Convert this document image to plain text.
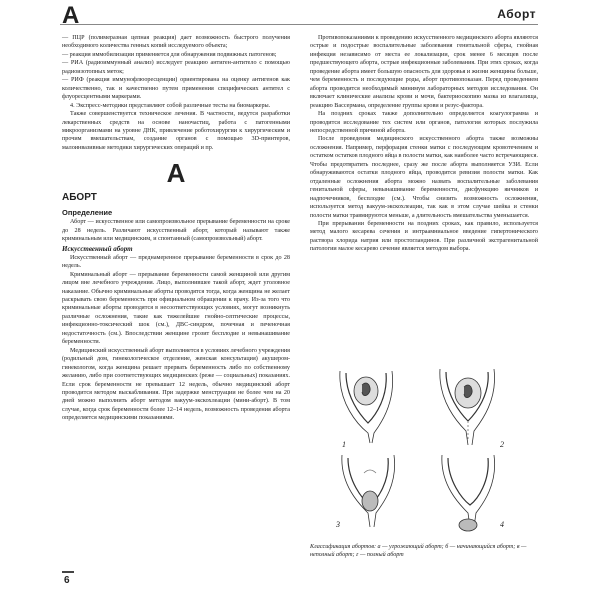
А	Аборт

— ПЦР (полимеразная цепная реакция) дает возможность быстрого получения необходимого количества генных копий исследуемого объекта;

— реакция иммобилизации применяется для обнаружения подвижных патогенов;

— РИА (радиоиммунный анализ) исследует реакцию антиген-антитело с помощью радиоизотопных меток;

— РИФ (реакция иммунофлюоресценции) ориентирована на оценку антигенов как количественно, так и качественно путем применения специфических антител с флуоресцентными маркерами.

4. Экспресс-методики представляют собой различные тесты на биомаркеры.

Также совершенствуется техническое лечения. В частности, ведутся разработки лекарственных средств на основе наночастиц, работа с патогенными микроорганизмами на уровне ДНК, привлечение роботохирургии к хирургическим и прочим вмешательствам, создание органов с помощью 3D-принтеров, малоинвазивные методики хирургических операций и пр.

А
АБОРТ
Определение

Аборт — искусственное или самопроизвольное прерывание беременности на сроке до 28 недель. Различают искусственный аборт, который называют также криминальным или медицинским, и спонтанный (самопроизвольный) аборт.

Искусственный аборт

Искусственный аборт — преднамеренное прерывание беременности в срок до 28 недель.

Криминальный аборт — прерывание беременности самой женщиной или другим лицом вне лечебного учреждения. Лицо, выполнившее такой аборт, ждет уголовное наказание. Обычно криминальные аборты проводятся тогда, когда женщина не желает раскрывать свою беременность при официальном обращении к врачу. Из-за того что криминальные аборты проводятся в несоответствующих условиях, могут возникнуть различные осложнения, такие как тяжелейшие гнойно-септические процессы, инфекционно-токсический шок (см.), ДВС-синдром, почечная и печеночная недостаточность (см.). Впоследствии женщине грозит бесплодие и невынашивание беременности.

Медицинский искусственный аборт выполняется в условиях лечебного учреждения (родильный дом, гинекологическое отделение, женская консультация) акушером-гинекологом, когда женщина решает прервать беременность либо по собственному желанию, либо при соответствующих медицинских (реже — социальных) показаниях. Если срок беременности не превышает 12 недель, обычно медицинский аборт проводится методом выскабливания. При задержке менструации не более чем на 20 дней можно выполнить аборт методом вакуум-экскохлеации (мини-аборт). В том случае, когда срок беременности более 12–14 недель, возможность проведения аборта определяется медицинскими показаниями.

Противопоказаниями к проведению искусственного медицинского аборта являются острые и подострые воспалительные заболевания генитальной сферы, гнойная инфекция независимо от места ее локализации, срок менее 6 месяцев после предшествующего аборта, острые инфекционные заболевания. При этих сроках, когда проведение аборта имеет большую опасность для здоровья и жизни женщины больше, чем беременность и последующие роды, аборт противопоказан. Перед проведением аборта проводится необходимый минимум лабораторных методов исследования. Он включает клинические анализы крови и мочи, бактериоскопию мазка из влагалища, реакцию Вассермана, определение группы крови и резус-фактора.

На поздних сроках также дополнительно определяется коагулограмма и проводится исследование тех систем или органов, патология которых послужила непосредственной причиной аборта.

После проведения медицинского искусственного аборта также возможны осложнения. Например, перфорация стенки матки с последующим кровотечением и остатком остатков плодного яйца в полости матки, как наиболее часто встречающиеся. Чтобы предотвратить последнее, сразу же после аборта выполняется УЗИ. Если обнаруживаются остатки плодного яйца, проводится ревизия полости матки. Как отдаленные осложнения аборта можно назвать воспалительные заболевания генитальной сферы, невынашивание беременности, дисфункцию яичников и надпочечников, бесплодие (см.). Чтобы снизить возможность осложнения, используется метод вакуум-экскохлеации, так как в этом случае шейка и стенки полости матки травмируются меньше, а длительность вмешательства уменьшается.

При прерывании беременности на поздних сроках, как правило, используется метод малого кесарева сечения и интраамниальное введение гипертонического раствора хлорида натрия или простогландинов. При различной экстрагенитальной патологии малое кесарево сечение является методом выбора.

1	2
3	4
Классификация абортов: а — угрожающий аборт; б — начинающийся аборт; в — неполный аборт; г — полный аборт
6
